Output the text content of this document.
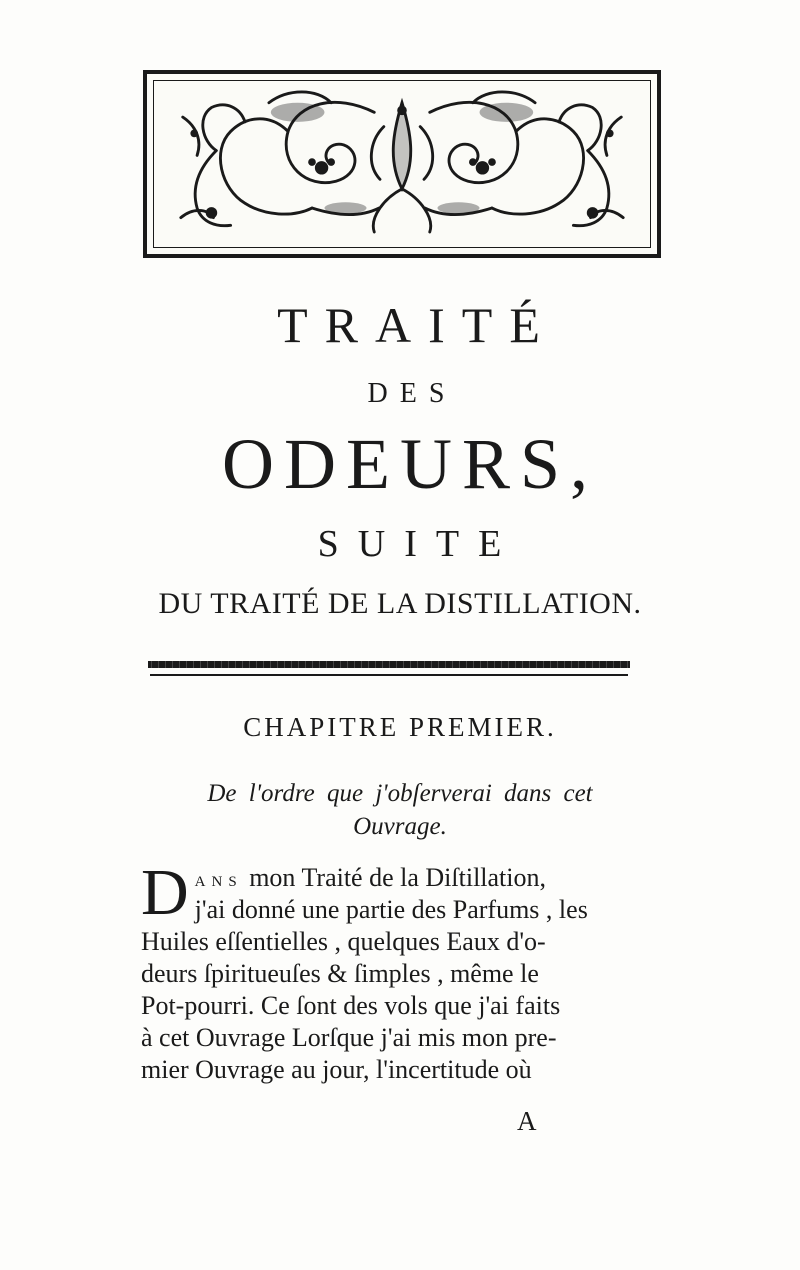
TRAITÉ
DES
ODEURS,
SUITE
DU TRAITÉ DE LA DISTILLATION.
CHAPITRE PREMIER.
De l'ordre que j'obſerverai dans cet
Ouvrage.
D ANS mon Traité de la Diſtillation,
j'ai donné une partie des Parfums , les
Huiles eſſentielles , quelques Eaux d'o-
deurs ſpiritueuſes & ſimples , même le
Pot-pourri. Ce ſont des vols que j'ai faits
à cet Ouvrage Lorſque j'ai mis mon pre-
mier Ouvrage au jour, l'incertitude où
A
